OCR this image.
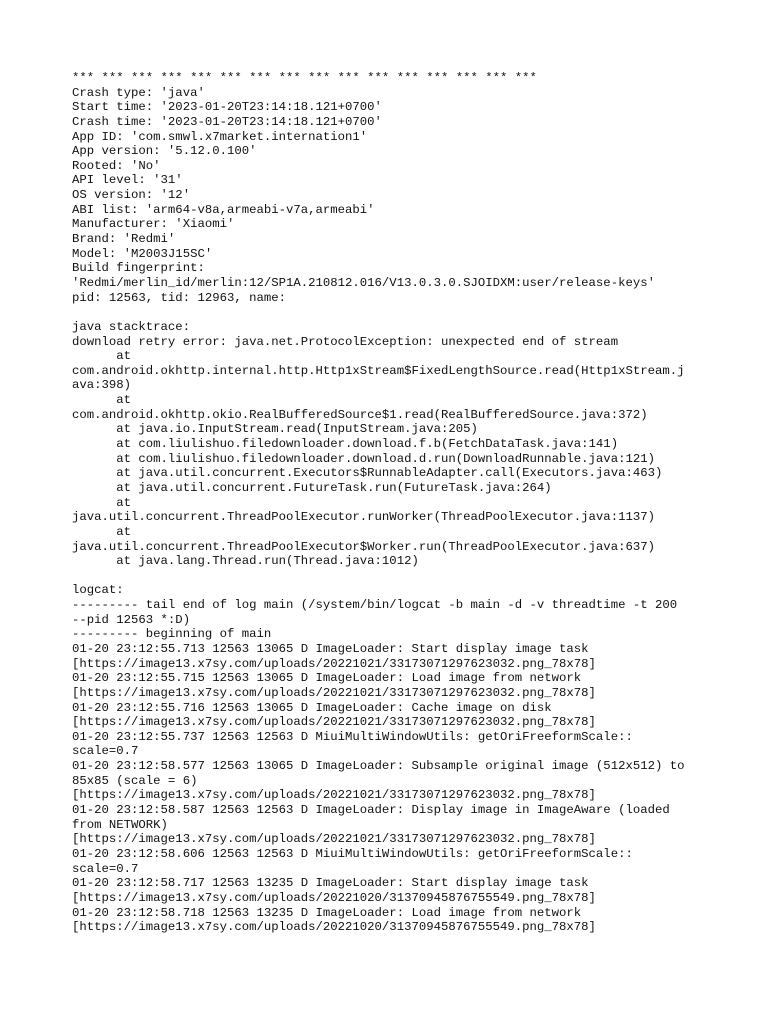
*** *** *** *** *** *** *** *** *** *** *** *** *** *** *** ***
Crash type: 'java'
Start time: '2023-01-20T23:14:18.121+0700'
Crash time: '2023-01-20T23:14:18.121+0700'
App ID: 'com.smwl.x7market.internation1'
App version: '5.12.0.100'
Rooted: 'No'
API level: '31'
OS version: '12'
ABI list: 'arm64-v8a,armeabi-v7a,armeabi'
Manufacturer: 'Xiaomi'
Brand: 'Redmi'
Model: 'M2003J15SC'
Build fingerprint:
'Redmi/merlin_id/merlin:12/SP1A.210812.016/V13.0.3.0.SJOIDXM:user/release-keys'
pid: 12563, tid: 12963, name:
java stacktrace:
download retry error: java.net.ProtocolException: unexpected end of stream
at
com.android.okhttp.internal.http.Http1xStream$FixedLengthSource.read(Http1xStream.j
ava:398)
at
com.android.okhttp.okio.RealBufferedSource$1.read(RealBufferedSource.java:372)
at java.io.InputStream.read(InputStream.java:205)
at com.liulishuo.filedownloader.download.f.b(FetchDataTask.java:141)
at com.liulishuo.filedownloader.download.d.run(DownloadRunnable.java:121)
at java.util.concurrent.Executors$RunnableAdapter.call(Executors.java:463)
at java.util.concurrent.FutureTask.run(FutureTask.java:264)
at
java.util.concurrent.ThreadPoolExecutor.runWorker(ThreadPoolExecutor.java:1137)
at
java.util.concurrent.ThreadPoolExecutor$Worker.run(ThreadPoolExecutor.java:637)
at java.lang.Thread.run(Thread.java:1012)
logcat:
--------- tail end of log main (/system/bin/logcat -b main -d -v threadtime -t 200
--pid 12563 *:D)
--------- beginning of main
01-20 23:12:55.713 12563 13065 D ImageLoader: Start display image task
[https://image13.x7sy.com/uploads/20221021/33173071297623032.png_78x78]
01-20 23:12:55.715 12563 13065 D ImageLoader: Load image from network
[https://image13.x7sy.com/uploads/20221021/33173071297623032.png_78x78]
01-20 23:12:55.716 12563 13065 D ImageLoader: Cache image on disk
[https://image13.x7sy.com/uploads/20221021/33173071297623032.png_78x78]
01-20 23:12:55.737 12563 12563 D MiuiMultiWindowUtils: getOriFreeformScale::
scale=0.7
01-20 23:12:58.577 12563 13065 D ImageLoader: Subsample original image (512x512) to
85x85 (scale = 6)
[https://image13.x7sy.com/uploads/20221021/33173071297623032.png_78x78]
01-20 23:12:58.587 12563 12563 D ImageLoader: Display image in ImageAware (loaded
from NETWORK)
[https://image13.x7sy.com/uploads/20221021/33173071297623032.png_78x78]
01-20 23:12:58.606 12563 12563 D MiuiMultiWindowUtils: getOriFreeformScale::
scale=0.7
01-20 23:12:58.717 12563 13235 D ImageLoader: Start display image task
[https://image13.x7sy.com/uploads/20221020/31370945876755549.png_78x78]
01-20 23:12:58.718 12563 13235 D ImageLoader: Load image from network
[https://image13.x7sy.com/uploads/20221020/31370945876755549.png_78x78]
